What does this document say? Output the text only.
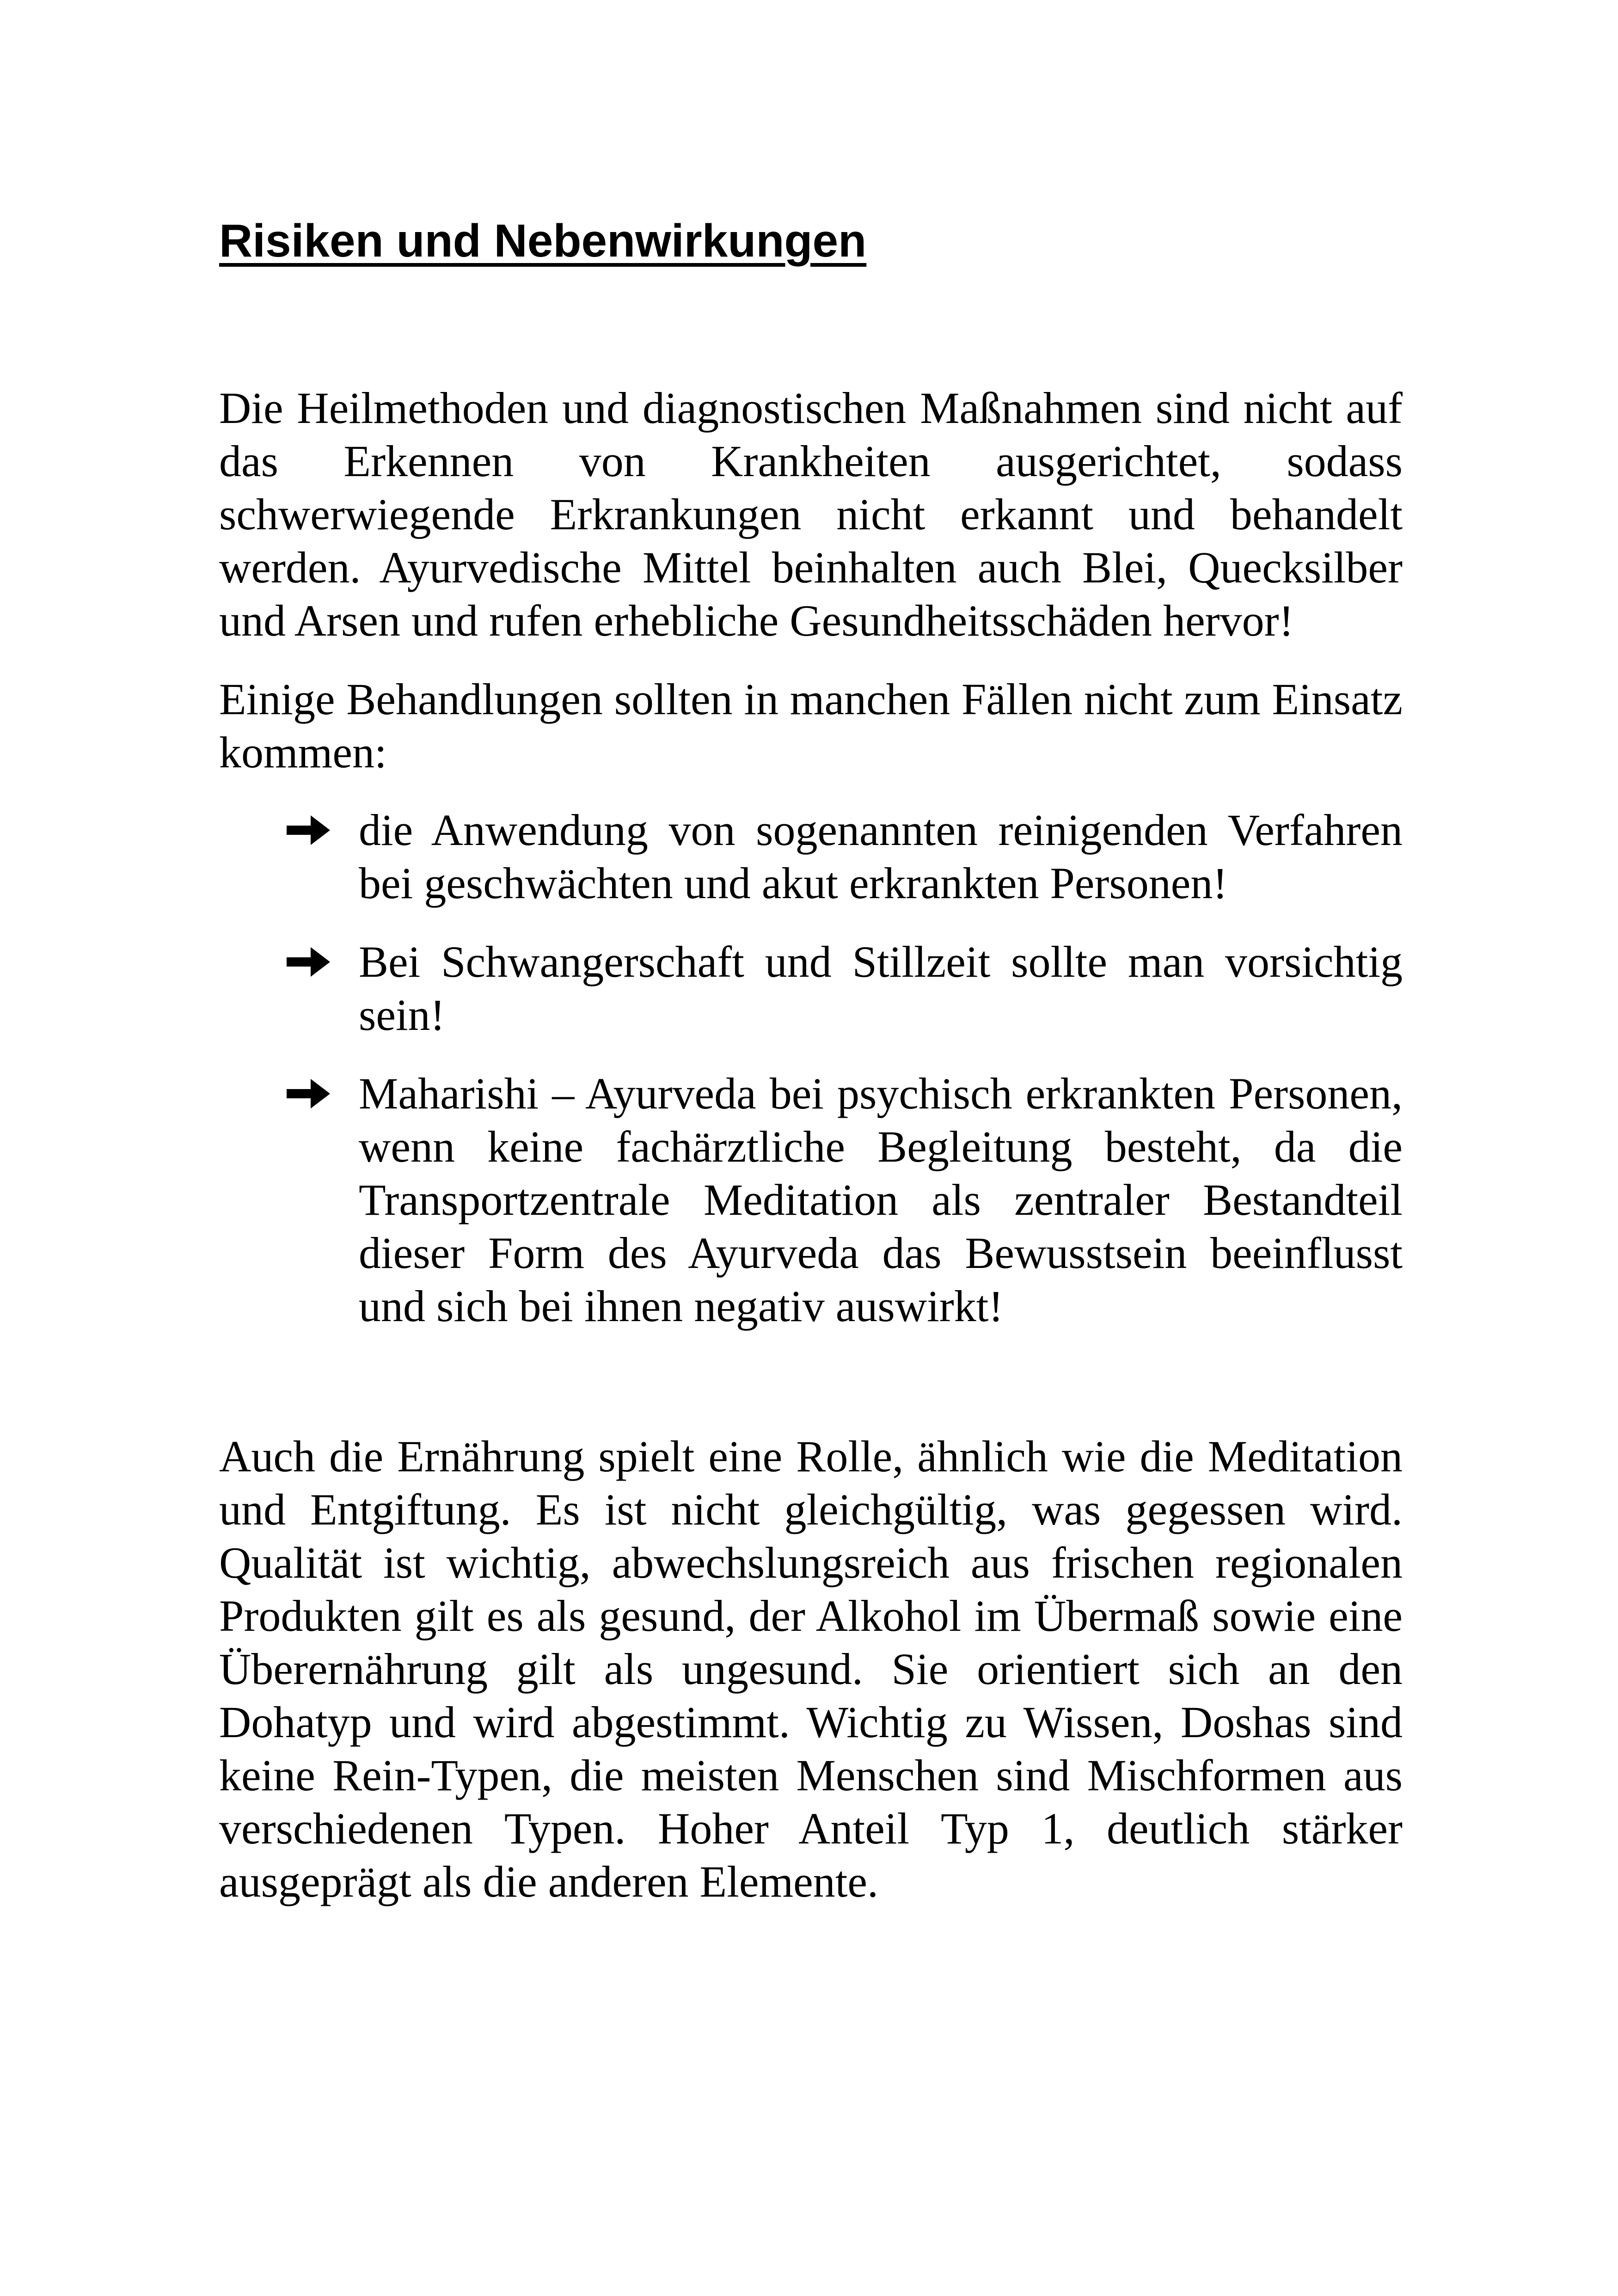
Risiken und Nebenwirkungen

Die Heilmethoden und diagnostischen Maßnahmen sind nicht auf das Erkennen von Krankheiten ausgerichtet, sodass schwerwiegende Erkrankungen nicht erkannt und behandelt werden. Ayurvedische Mittel beinhalten auch Blei, Quecksilber und Arsen und rufen erhebliche Gesundheitsschäden hervor!

Einige Behandlungen sollten in manchen Fällen nicht zum Einsatz kommen:

die Anwendung von sogenannten reinigenden Verfahren bei geschwächten und akut erkrankten Personen!
Bei Schwangerschaft und Stillzeit sollte man vorsichtig sein!
Maharishi – Ayurveda bei psychisch erkrankten Personen, wenn keine fachärztliche Begleitung besteht, da die Transportzentrale Meditation als zentraler Bestandteil dieser Form des Ayurveda das Bewusstsein beeinflusst und sich bei ihnen negativ auswirkt!

Auch die Ernährung spielt eine Rolle, ähnlich wie die Meditation und Entgiftung. Es ist nicht gleichgültig, was gegessen wird. Qualität ist wichtig, abwechslungsreich aus frischen regionalen Produkten gilt es als gesund, der Alkohol im Übermaß sowie eine Überernährung gilt als ungesund. Sie orientiert sich an den Dohatyp und wird abgestimmt. Wichtig zu Wissen, Doshas sind keine Rein-Typen, die meisten Menschen sind Mischformen aus verschiedenen Typen. Hoher Anteil Typ 1, deutlich stärker ausgeprägt als die anderen Elemente.
